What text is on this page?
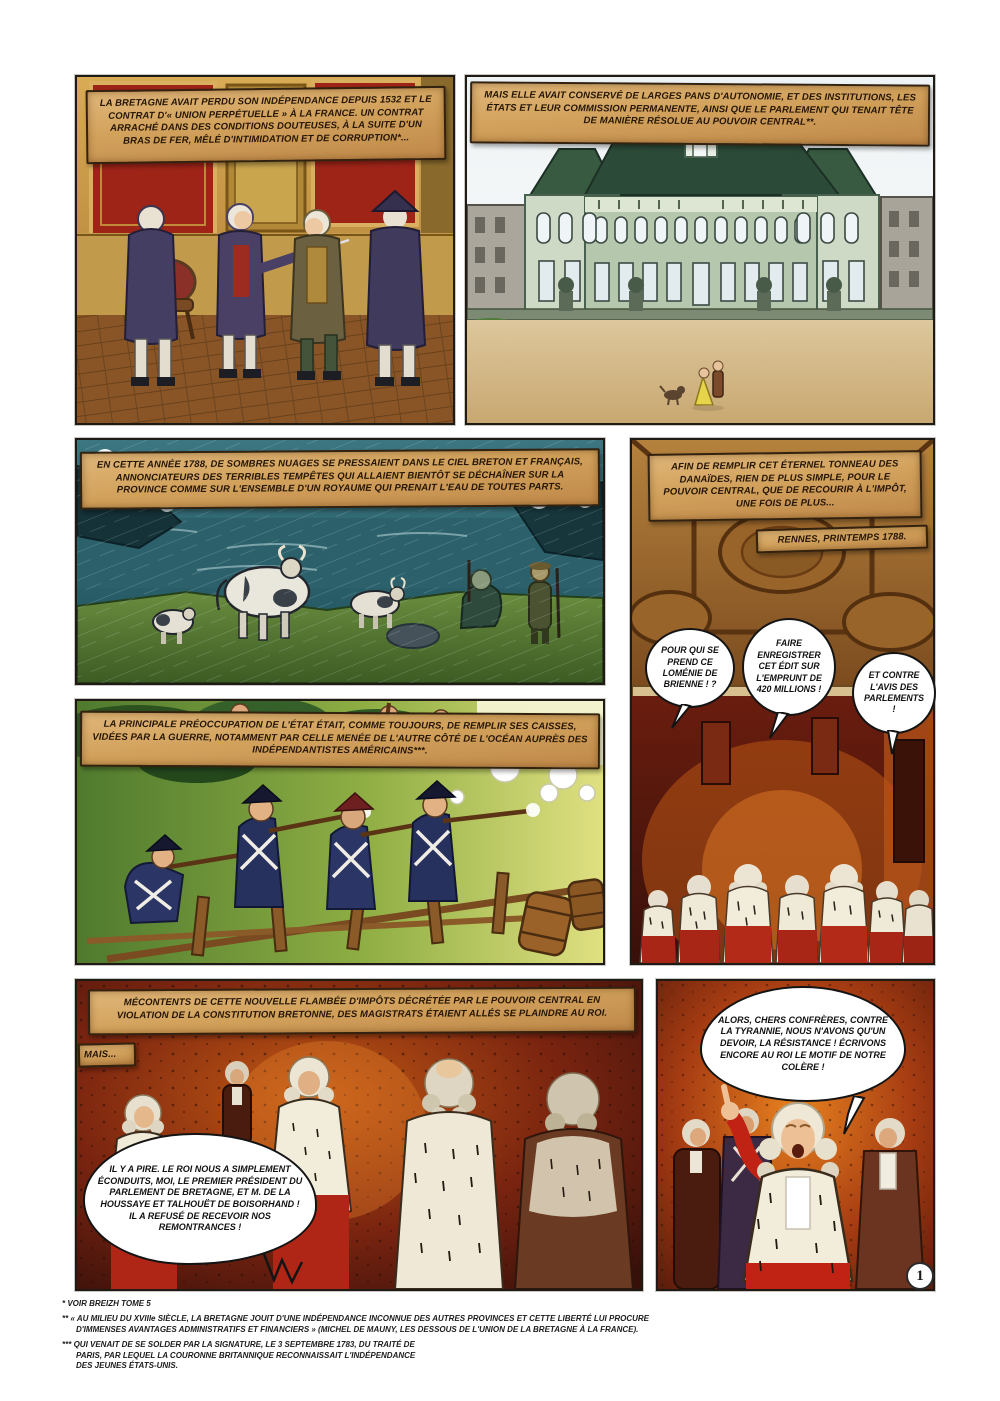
LA BRETAGNE AVAIT PERDU SON INDÉPENDANCE DEPUIS 1532 ET LE CONTRAT D'« UNION PERPÉTUELLE » À LA FRANCE. UN CONTRAT ARRACHÉ DANS DES CONDITIONS DOUTEUSES, À LA SUITE D'UN BRAS DE FER, MÊLÉ D'INTIMIDATION ET DE CORRUPTION*...
MAIS ELLE AVAIT CONSERVÉ DE LARGES PANS D'AUTONOMIE, ET DES INSTITUTIONS, LES ÉTATS ET LEUR COMMISSION PERMANENTE, AINSI QUE LE PARLEMENT QUI TENAIT TÊTE DE MANIÈRE RÉSOLUE AU POUVOIR CENTRAL**.
EN CETTE ANNÉE 1788, DE SOMBRES NUAGES SE PRESSAIENT DANS LE CIEL BRETON ET FRANÇAIS, ANNONCIATEURS DES TERRIBLES TEMPÊTES QUI ALLAIENT BIENTÔT SE DÉCHAÎNER SUR LA PROVINCE COMME SUR L'ENSEMBLE D'UN ROYAUME QUI PRENAIT L'EAU DE TOUTES PARTS.
AFIN DE REMPLIR CET ÉTERNEL TONNEAU DES DANAÏDES, RIEN DE PLUS SIMPLE, POUR LE POUVOIR CENTRAL, QUE DE RECOURIR À L'IMPÔT, UNE FOIS DE PLUS...
RENNES, PRINTEMPS 1788.
LA PRINCIPALE PRÉOCCUPATION DE L'ÉTAT ÉTAIT, COMME TOUJOURS, DE REMPLIR SES CAISSES, VIDÉES PAR LA GUERRE, NOTAMMENT PAR CELLE MENÉE DE L'AUTRE CÔTÉ DE L'OCÉAN AUPRÈS DES INDÉPENDANTISTES AMÉRICAINS***.
MÉCONTENTS DE CETTE NOUVELLE FLAMBÉE D'IMPÔTS DÉCRÉTÉE PAR LE POUVOIR CENTRAL EN VIOLATION DE LA CONSTITUTION BRETONNE, DES MAGISTRATS ÉTAIENT ALLÉS SE PLAINDRE AU ROI.
MAIS...
POUR QUI SE PREND CE LOMÉNIE DE BRIENNE ! ?
FAIRE ENREGISTRER CET ÉDIT SUR L'EMPRUNT DE 420 MILLIONS !
ET CONTRE L'AVIS DES PARLEMENTS !
IL Y A PIRE. LE ROI NOUS A SIMPLEMENT ÉCONDUITS, MOI, LE PREMIER PRÉSIDENT DU PARLEMENT DE BRETAGNE, ET M. DE LA HOUSSAYE ET TALHOUËT DE BOISORHAND ! IL A REFUSÉ DE RECEVOIR NOS REMONTRANCES !
ALORS, CHERS CONFRÈRES, CONTRE LA TYRANNIE, NOUS N'AVONS QU'UN DEVOIR, LA RÉSISTANCE ! ÉCRIVONS ENCORE AU ROI LE MOTIF DE NOTRE COLÈRE !

* VOIR BREIZH TOME 5

** « AU MILIEU DU XVIIIe SIÈCLE, LA BRETAGNE JOUIT D'UNE INDÉPENDANCE INCONNUE DES AUTRES PROVINCES ET CETTE LIBERTÉ LUI PROCURE D'IMMENSES AVANTAGES ADMINISTRATIFS ET FINANCIERS » (MICHEL DE MAUNY, LES DESSOUS DE L'UNION DE LA BRETAGNE À LA FRANCE).

*** QUI VENAIT DE SE SOLDER PAR LA SIGNATURE, LE 3 SEPTEMBRE 1783, DU TRAITÉ DE PARIS, PAR LEQUEL LA COURONNE BRITANNIQUE RECONNAISSAIT L'INDÉPENDANCE DES JEUNES ÉTATS-UNIS.

1
